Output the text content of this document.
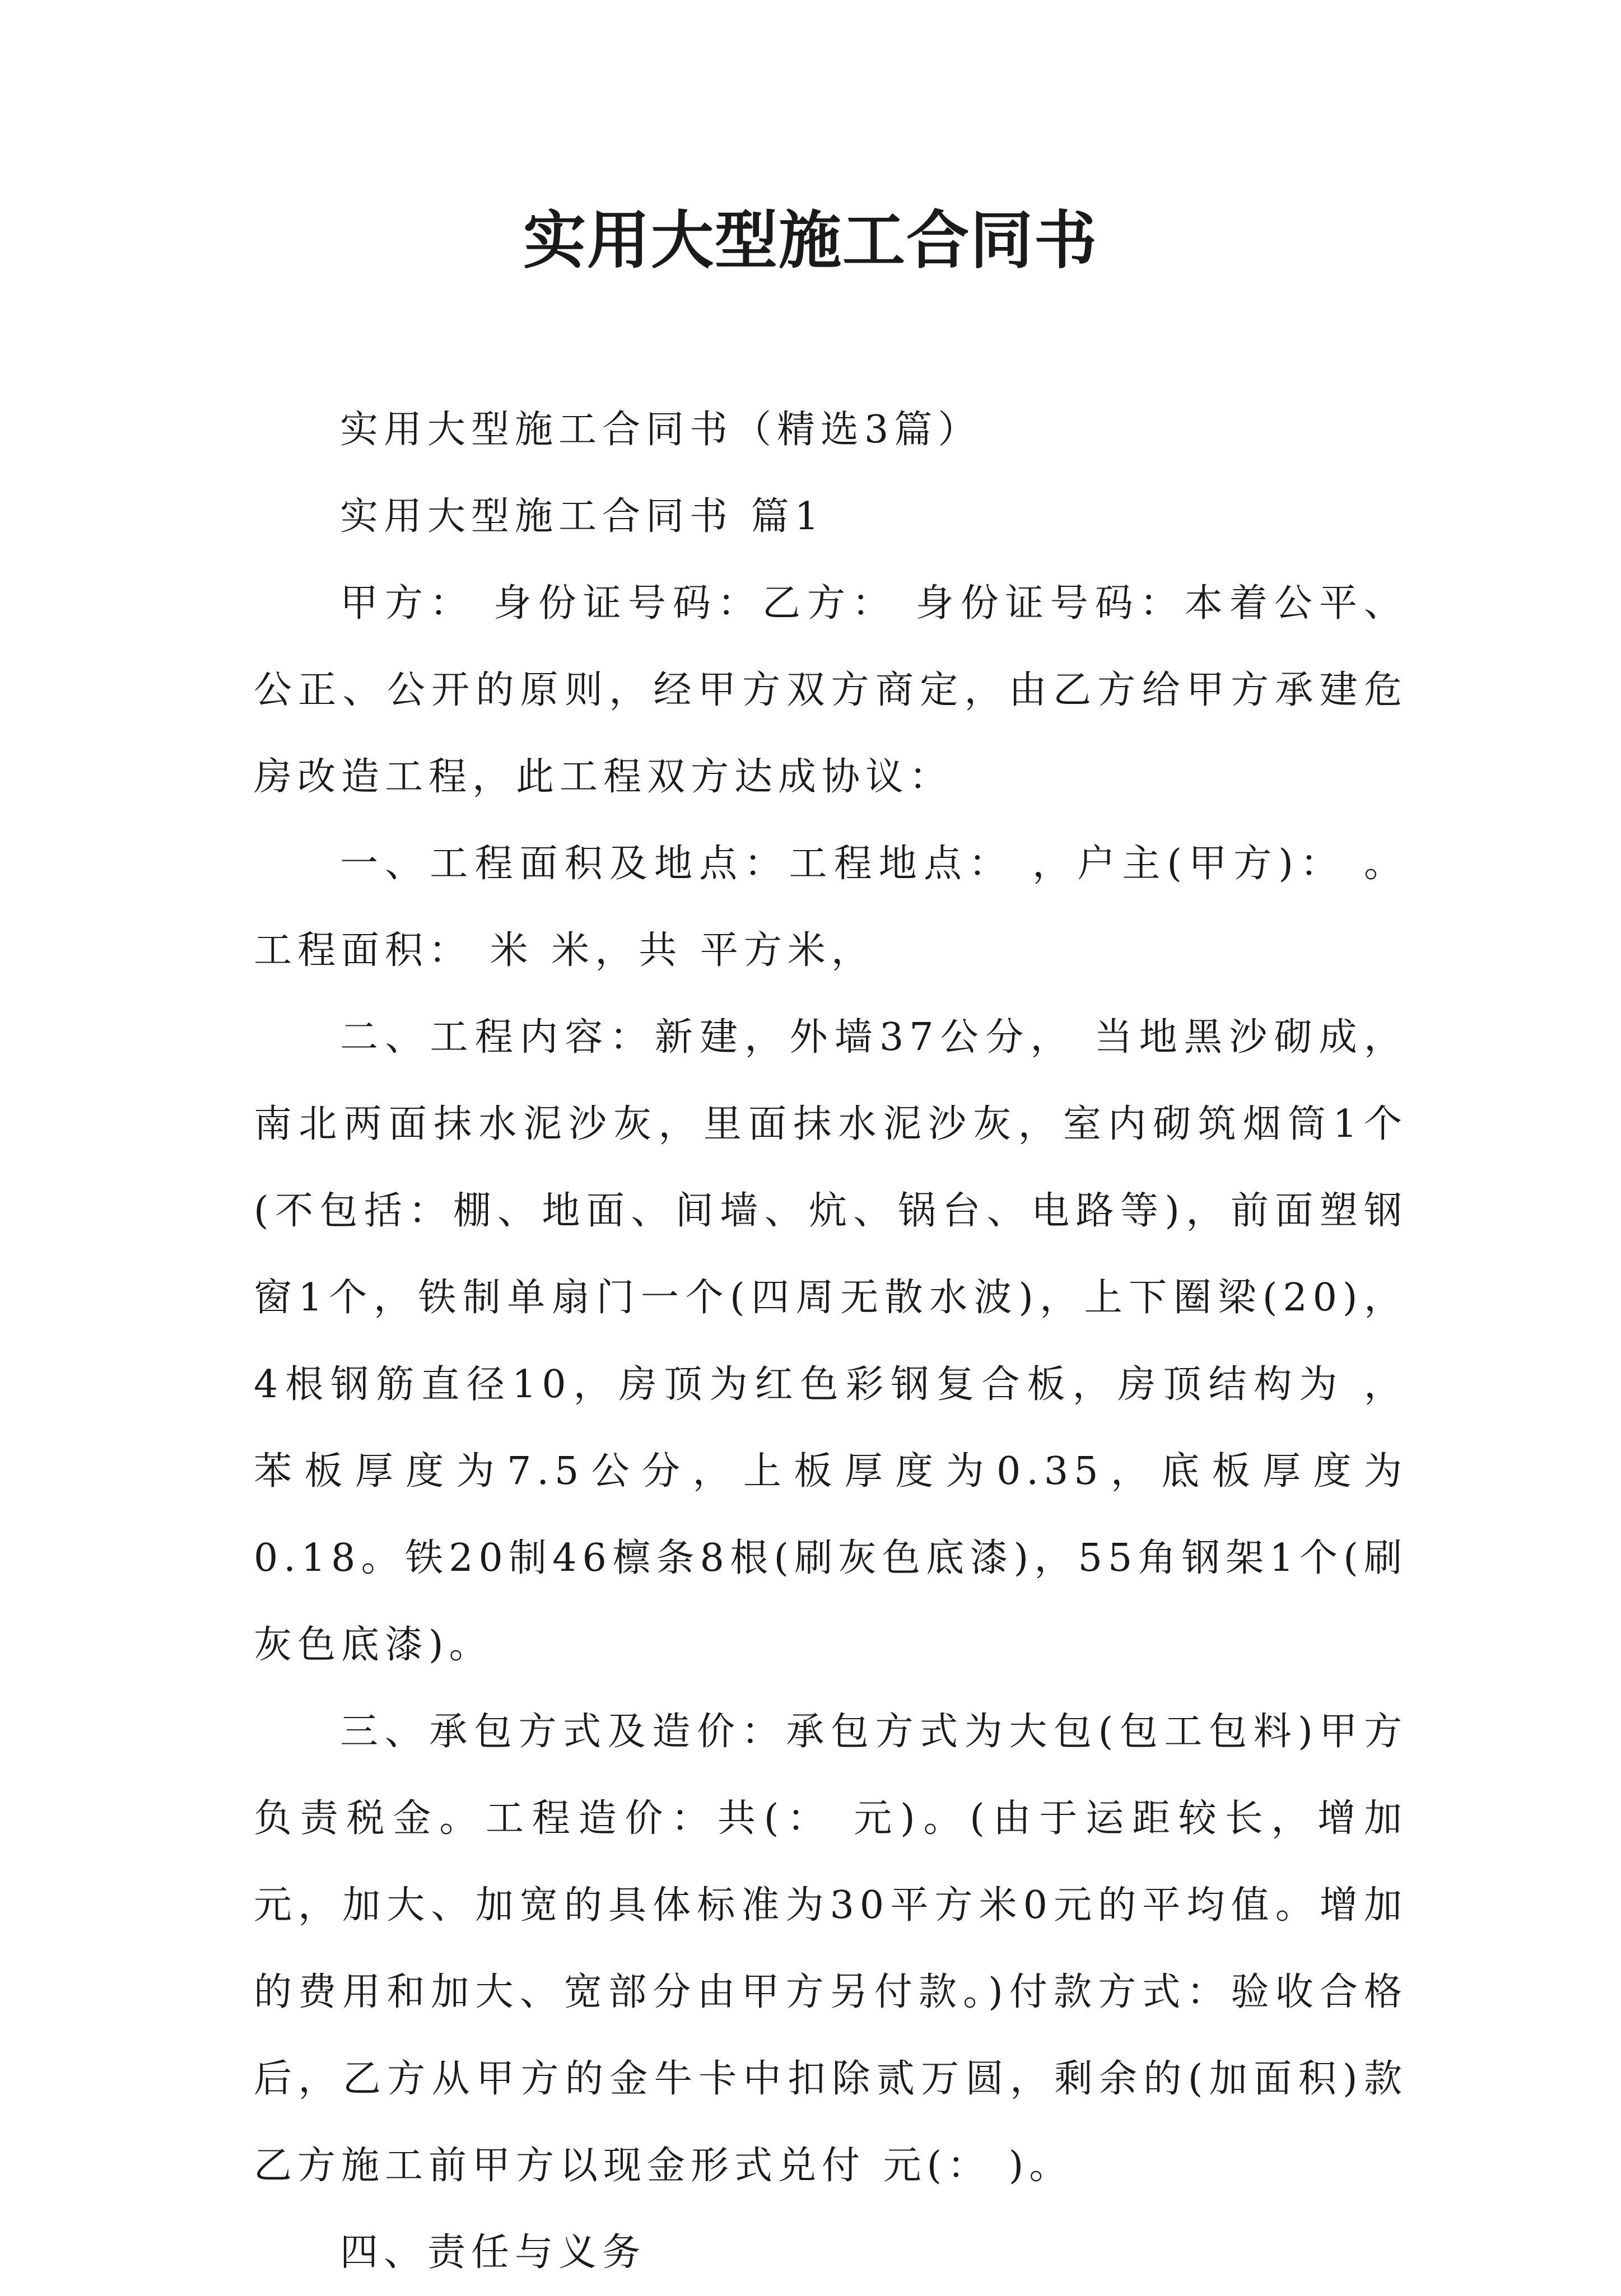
实用大型施工合同书

实用大型施工合同书（精选3篇）

实用大型施工合同书 篇1

甲方： 身份证号码：乙方： 身份证号码：本着公平、公正、公开的原则，经甲方双方商定，由乙方给甲方承建危房改造工程，此工程双方达成协议：

一、工程面积及地点：工程地点： ，户主(甲方)： 。工程面积： 米 米，共 平方米，

二、工程内容：新建，外墙37公分， 当地黑沙砌成，南北两面抹水泥沙灰，里面抹水泥沙灰，室内砌筑烟筒1个(不包括：棚、地面、间墙、炕、锅台、电路等)，前面塑钢窗1个，铁制单扇门一个(四周无散水波)，上下圈梁(20)，4根钢筋直径10，房顶为红色彩钢复合板，房顶结构为 ，苯板厚度为7.5公分，上板厚度为0.35，底板厚度为0.18。铁20制46檩条8根(刷灰色底漆)，55角钢架1个(刷灰色底漆)。

三、承包方式及造价：承包方式为大包(包工包料)甲方负责税金。工程造价：共(： 元)。(由于运距较长，增加元，加大、加宽的具体标准为30平方米0元的平均值。增加的费用和加大、宽部分由甲方另付款。)付款方式：验收合格后，乙方从甲方的金牛卡中扣除贰万圆，剩余的(加面积)款乙方施工前甲方以现金形式兑付 元(： )。

四、责任与义务
